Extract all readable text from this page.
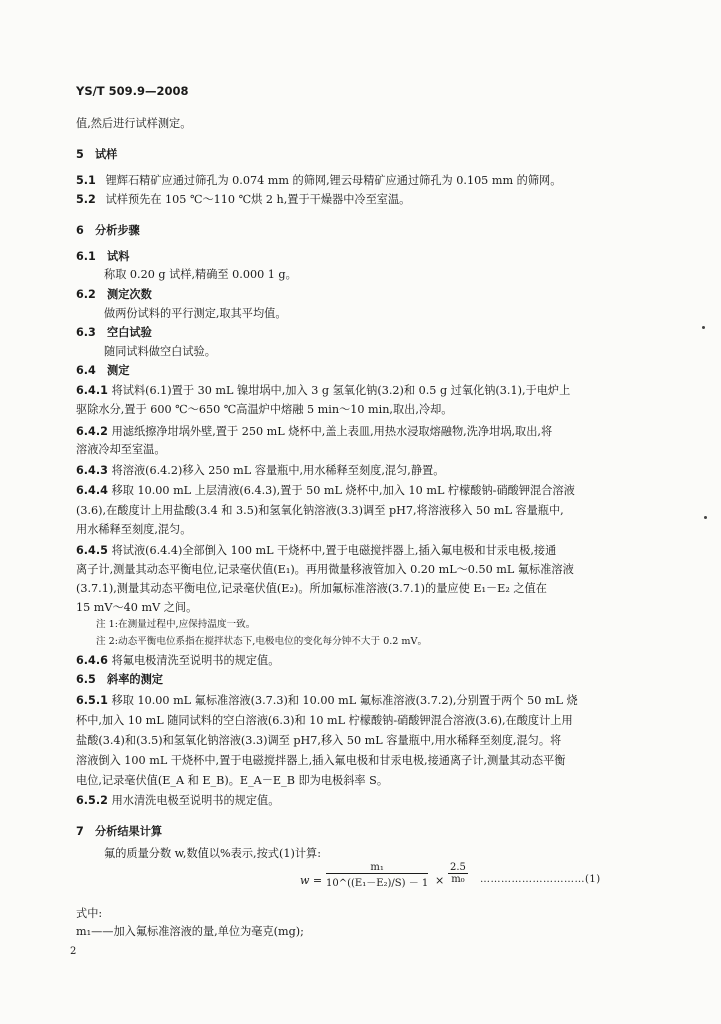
YS/T 509.9—2008
值,然后进行试样测定。
5　试样
5.1 锂辉石精矿应通过筛孔为 0.074 mm 的筛网,锂云母精矿应通过筛孔为 0.105 mm 的筛网。
5.2 试样预先在 105 ℃～110 ℃烘 2 h,置于干燥器中冷至室温。
6　分析步骤
6.1　试料
称取 0.20 g 试样,精确至 0.000 1 g。
6.2　测定次数
做两份试料的平行测定,取其平均值。
6.3　空白试验
随同试料做空白试验。
6.4　测定
6.4.1 将试料(6.1)置于 30 mL 镍坩埚中,加入 3 g 氢氧化钠(3.2)和 0.5 g 过氧化钠(3.1),于电炉上
驱除水分,置于 600 ℃～650 ℃高温炉中熔融 5 min～10 min,取出,冷却。
6.4.2 用滤纸擦净坩埚外壁,置于 250 mL 烧杯中,盖上表皿,用热水浸取熔融物,洗净坩埚,取出,将
溶液冷却至室温。
6.4.3 将溶液(6.4.2)移入 250 mL 容量瓶中,用水稀释至刻度,混匀,静置。
6.4.4 移取 10.00 mL 上层清液(6.4.3),置于 50 mL 烧杯中,加入 10 mL 柠檬酸钠-硝酸钾混合溶液
(3.6),在酸度计上用盐酸(3.4 和 3.5)和氢氧化钠溶液(3.3)调至 pH7,将溶液移入 50 mL 容量瓶中,
用水稀释至刻度,混匀。
6.4.5 将试液(6.4.4)全部倒入 100 mL 干烧杯中,置于电磁搅拌器上,插入氟电极和甘汞电极,接通
离子计,测量其动态平衡电位,记录毫伏值(E₁)。再用微量移液管加入 0.20 mL～0.50 mL 氟标准溶液
(3.7.1),测量其动态平衡电位,记录毫伏值(E₂)。所加氟标准溶液(3.7.1)的量应使 E₁－E₂ 之值在
15 mV～40 mV 之间。
注 1:在测量过程中,应保持温度一致。
注 2:动态平衡电位系指在搅拌状态下,电极电位的变化每分钟不大于 0.2 mV。
6.4.6 将氟电极清洗至说明书的规定值。
6.5　斜率的测定
6.5.1 移取 10.00 mL 氟标准溶液(3.7.3)和 10.00 mL 氟标准溶液(3.7.2),分别置于两个 50 mL 烧
杯中,加入 10 mL 随同试料的空白溶液(6.3)和 10 mL 柠檬酸钠-硝酸钾混合溶液(3.6),在酸度计上用
盐酸(3.4)和(3.5)和氢氧化钠溶液(3.3)调至 pH7,移入 50 mL 容量瓶中,用水稀释至刻度,混匀。将
溶液倒入 100 mL 干烧杯中,置于电磁搅拌器上,插入氟电极和甘汞电极,接通离子计,测量其动态平衡
电位,记录毫伏值(E_A 和 E_B)。E_A－E_B 即为电极斜率 S。
6.5.2 用水清洗电极至说明书的规定值。
7　分析结果计算
氟的质量分数 w,数值以%表示,按式(1)计算:
$w = \frac{\text{m₁}}{\text{10\textasciicircum{}((E₁－E₂)/S) － 1}} \times \frac{2.5}{\text{m₀}}$ …………………………(1)
式中:
m₁——加入氟标准溶液的量,单位为毫克(mg);
2
